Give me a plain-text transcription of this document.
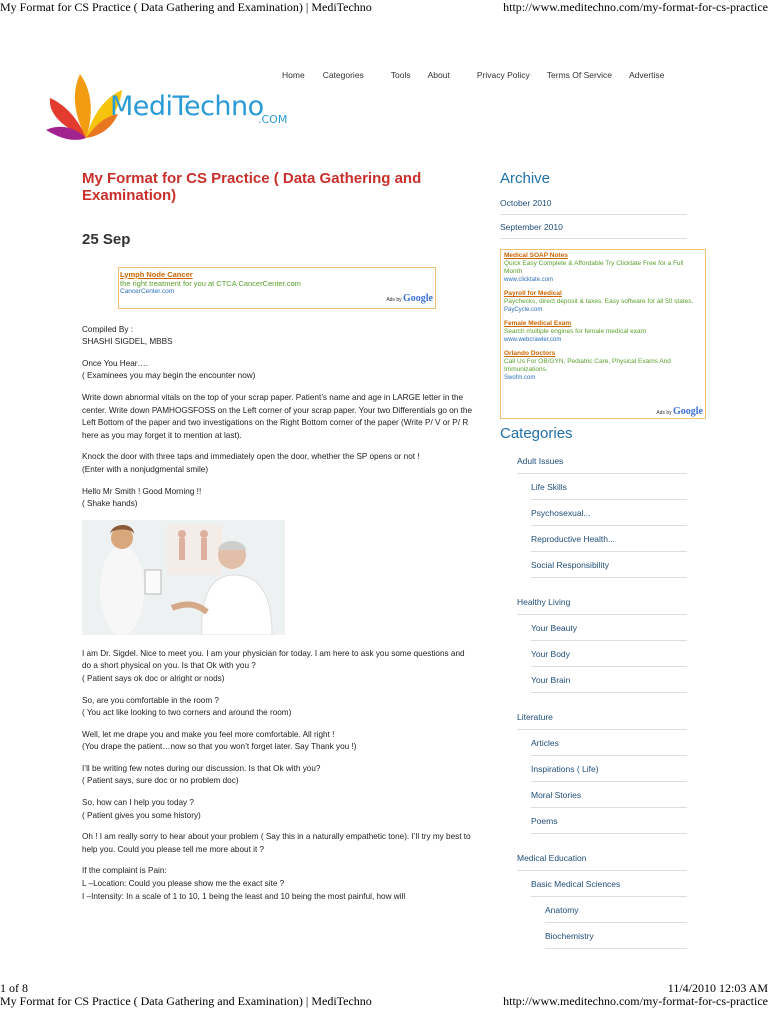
My Format for CS Practice ( Data Gathering and Examination) | MediTechno	http://www.meditechno.com/my-format-for-cs-practice
Home Categories	Tools About	Privacy Policy Terms Of Service Advertise
MediTechno
.COM
My Format for CS Practice ( Data Gathering and Examination)
25 Sep
Lymph Node Cancer
the right treatment for you at CTCA CancerCenter.com
CancerCenter.com
Ads by Google

Compiled By :

SHASHI SIGDEL, MBBS

Once You Hear….

( Examinees you may begin the encounter now)

Write down abnormal vitals on the top of your scrap paper. Patient’s name and age in LARGE letter in the center. Write down PAMHOGSFOSS on the Left corner of your scrap paper. Your two Differentials go on the Left Bottom of the paper and two investigations on the Right Bottom corner of the paper (Write P/ V or P/ R here as you may forget it to mention at last).

Knock the door with three taps and immediately open the door, whether the SP opens or not !

(Enter with a nonjudgmental smile)

Hello Mr Smith ! Good Morning !!

( Shake hands)

I am Dr. Sigdel. Nice to meet you. I am your physician for today. I am here to ask you some questions and do a short physical on you. Is that Ok with you ?

( Patient says ok doc or alright or nods)

So, are you comfortable in the room ?

( You act like looking to two corners and around the room)

Well, let me drape you and make you feel more comfortable. All right !

(You drape the patient…now so that you won’t forget later. Say Thank you !)

I’ll be writing few notes during our discussion. Is that Ok with you?

( Patient says, sure doc or no problem doc)

So, how can I help you today ?

( Patient gives you some history)

Oh ! I am really sorry to hear about your problem ( Say this in a naturally empathetic tone). I’ll try my best to help you. Could you please tell me more about it ?

If the complaint is Pain:

L –Location: Could you please show me the exact site ?

I –Intensity: In a scale of 1 to 10, 1 being the least and 10 being the most painful, how will

Archive
October 2010
September 2010
Medical SOAP Notes
Quick Easy Complete & Affordable Try Clicktate Free for a Full Month
www.clicktate.com
Payroll for Medical
Paychecks, direct deposit & taxes. Easy software for all 50 states.
PayCycle.com
Female Medical Exam
Search multiple engines for female medical exam
www.webcrawler.com
Orlando Doctors
Call Us For OB/GYN, Pediatric Care, Physical Exams And Immunizations.
Swofm.com
Ads by Google
Categories
Adult Issues
Life Skills
Psychosexual...
Reproductive Health...
Social Responsibility
Healthy Living
Your Beauty
Your Body
Your Brain
Literature
Articles
Inspirations ( Life)
Moral Stories
Poems
Medical Education
Basic Medical Sciences
Anatomy
Biochemistry
1 of 8	11/4/2010 12:03 AM
My Format for CS Practice ( Data Gathering and Examination) | MediTechno	http://www.meditechno.com/my-format-for-cs-practice
